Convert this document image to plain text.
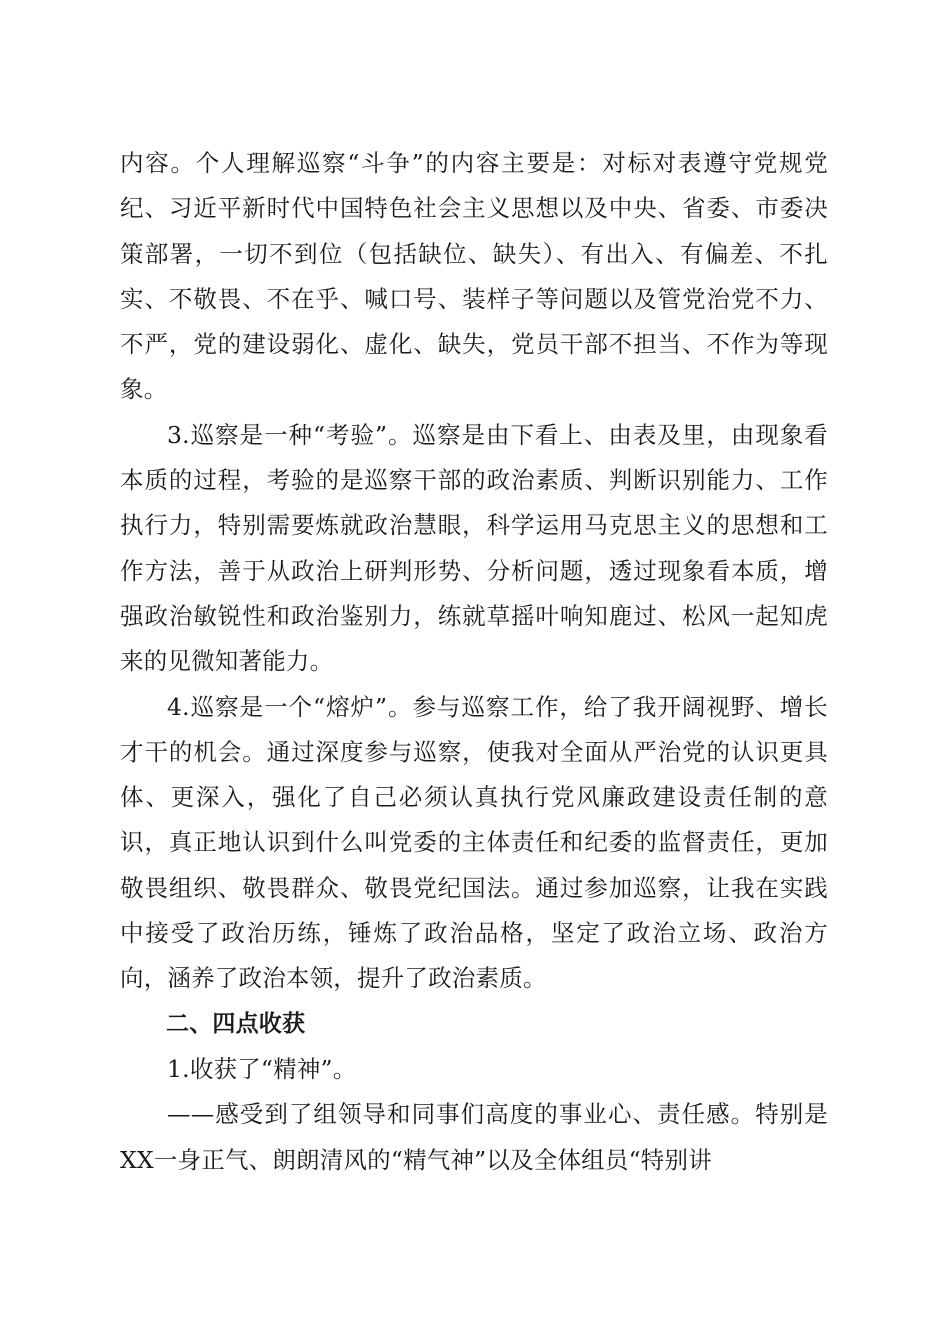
内容。个人理解巡察“斗争”的内容主要是：对标对表遵守党规党纪、习近平新时代中国特色社会主义思想以及中央、省委、市委决策部署，一切不到位（包括缺位、缺失）、有出入、有偏差、不扎实、不敬畏、不在乎、喊口号、装样子等问题以及管党治党不力、不严，党的建设弱化、虚化、缺失，党员干部不担当、不作为等现象。

3.巡察是一种“考验”。巡察是由下看上、由表及里，由现象看本质的过程，考验的是巡察干部的政治素质、判断识别能力、工作执行力，特别需要炼就政治慧眼，科学运用马克思主义的思想和工作方法，善于从政治上研判形势、分析问题，透过现象看本质，增强政治敏锐性和政治鉴别力，练就草摇叶响知鹿过、松风一起知虎来的见微知著能力。

4.巡察是一个“熔炉”。参与巡察工作，给了我开阔视野、增长才干的机会。通过深度参与巡察，使我对全面从严治党的认识更具体、更深入，强化了自己必须认真执行党风廉政建设责任制的意识，真正地认识到什么叫党委的主体责任和纪委的监督责任，更加敬畏组织、敬畏群众、敬畏党纪国法。通过参加巡察，让我在实践中接受了政治历练，锤炼了政治品格，坚定了政治立场、政治方向，涵养了政治本领，提升了政治素质。

二、四点收获

1.收获了“精神”。

——感受到了组领导和同事们高度的事业心、责任感。特别是XX一身正气、朗朗清风的“精气神”以及全体组员“特别讲
